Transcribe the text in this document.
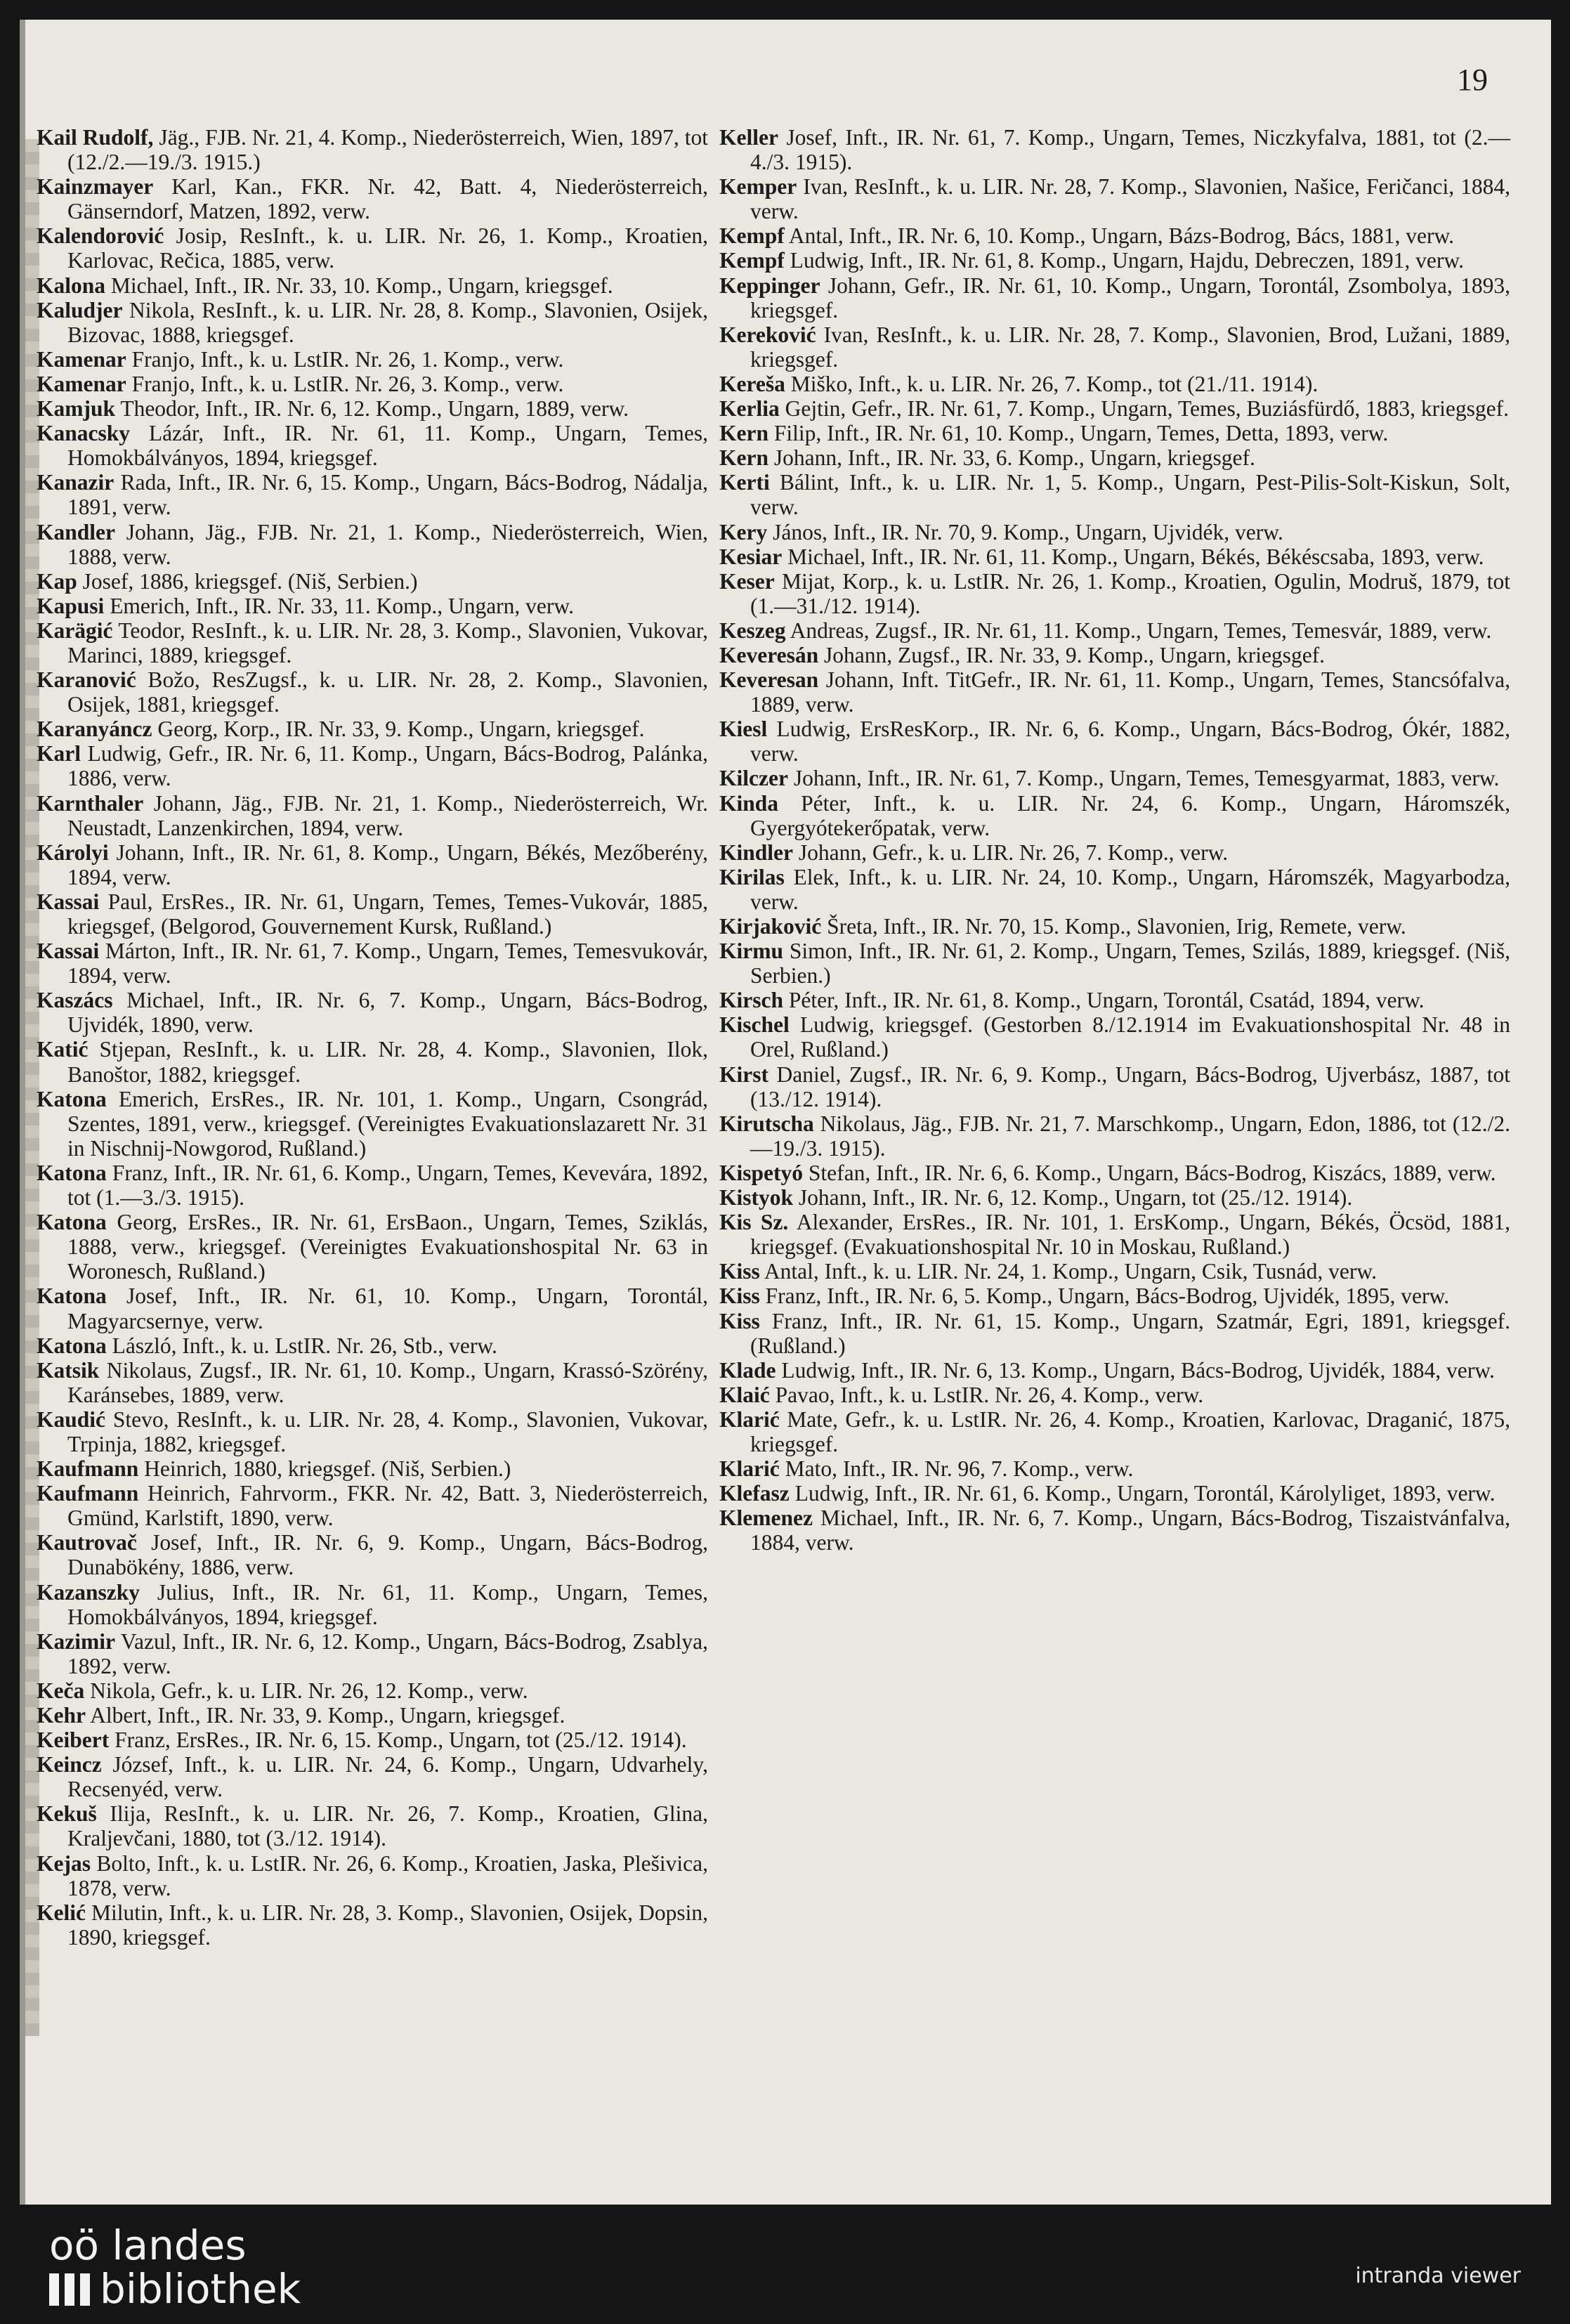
19

Kail Rudolf, Jäg., FJB. Nr. 21, 4. Komp., Niederösterreich, Wien, 1897, tot (12./2.—19./3. 1915.)

Kainzmayer Karl, Kan., FKR. Nr. 42, Batt. 4, Niederösterreich, Gänserndorf, Matzen, 1892, verw.

Kalendorović Josip, ResInft., k. u. LIR. Nr. 26, 1. Komp., Kroatien, Karlovac, Rečica, 1885, verw.

Kalona Michael, Inft., IR. Nr. 33, 10. Komp., Ungarn, kriegsgef.

Kaludjer Nikola, ResInft., k. u. LIR. Nr. 28, 8. Komp., Slavonien, Osijek, Bizovac, 1888, kriegsgef.

Kamenar Franjo, Inft., k. u. LstIR. Nr. 26, 1. Komp., verw.

Kamenar Franjo, Inft., k. u. LstIR. Nr. 26, 3. Komp., verw.

Kamjuk Theodor, Inft., IR. Nr. 6, 12. Komp., Ungarn, 1889, verw.

Kanacsky Lázár, Inft., IR. Nr. 61, 11. Komp., Ungarn, Temes, Homokbálványos, 1894, kriegsgef.

Kanazir Rada, Inft., IR. Nr. 6, 15. Komp., Ungarn, Bács-Bodrog, Nádalja, 1891, verw.

Kandler Johann, Jäg., FJB. Nr. 21, 1. Komp., Niederösterreich, Wien, 1888, verw.

Kap Josef, 1886, kriegsgef. (Niš, Serbien.)

Kapusi Emerich, Inft., IR. Nr. 33, 11. Komp., Ungarn, verw.

Karägić Teodor, ResInft., k. u. LIR. Nr. 28, 3. Komp., Slavonien, Vukovar, Marinci, 1889, kriegsgef.

Karanović Božo, ResZugsf., k. u. LIR. Nr. 28, 2. Komp., Slavonien, Osijek, 1881, kriegsgef.

Karanyáncz Georg, Korp., IR. Nr. 33, 9. Komp., Ungarn, kriegsgef.

Karl Ludwig, Gefr., IR. Nr. 6, 11. Komp., Ungarn, Bács-Bodrog, Palánka, 1886, verw.

Karnthaler Johann, Jäg., FJB. Nr. 21, 1. Komp., Niederösterreich, Wr. Neustadt, Lanzenkirchen, 1894, verw.

Károlyi Johann, Inft., IR. Nr. 61, 8. Komp., Ungarn, Békés, Mezőberény, 1894, verw.

Kassai Paul, ErsRes., IR. Nr. 61, Ungarn, Temes, Temes-Vukovár, 1885, kriegsgef, (Belgorod, Gouvernement Kursk, Rußland.)

Kassai Márton, Inft., IR. Nr. 61, 7. Komp., Ungarn, Temes, Temesvukovár, 1894, verw.

Kaszács Michael, Inft., IR. Nr. 6, 7. Komp., Ungarn, Bács-Bodrog, Ujvidék, 1890, verw.

Katić Stjepan, ResInft., k. u. LIR. Nr. 28, 4. Komp., Slavonien, Ilok, Banoštor, 1882, kriegsgef.

Katona Emerich, ErsRes., IR. Nr. 101, 1. Komp., Ungarn, Csongrád, Szentes, 1891, verw., kriegsgef. (Vereinigtes Evakuationslazarett Nr. 31 in Nischnij-Nowgorod, Rußland.)

Katona Franz, Inft., IR. Nr. 61, 6. Komp., Ungarn, Temes, Kevevára, 1892, tot (1.—3./3. 1915).

Katona Georg, ErsRes., IR. Nr. 61, ErsBaon., Ungarn, Temes, Sziklás, 1888, verw., kriegsgef. (Vereinigtes Evakuationshospital Nr. 63 in Woronesch, Rußland.)

Katona Josef, Inft., IR. Nr. 61, 10. Komp., Ungarn, Torontál, Magyarcsernye, verw.

Katona László, Inft., k. u. LstIR. Nr. 26, Stb., verw.

Katsik Nikolaus, Zugsf., IR. Nr. 61, 10. Komp., Ungarn, Krassó-Szörény, Karánsebes, 1889, verw.

Kaudić Stevo, ResInft., k. u. LIR. Nr. 28, 4. Komp., Slavonien, Vukovar, Trpinja, 1882, kriegsgef.

Kaufmann Heinrich, 1880, kriegsgef. (Niš, Serbien.)

Kaufmann Heinrich, Fahrvorm., FKR. Nr. 42, Batt. 3, Niederösterreich, Gmünd, Karlstift, 1890, verw.

Kautrovač Josef, Inft., IR. Nr. 6, 9. Komp., Ungarn, Bács-Bodrog, Dunabökény, 1886, verw.

Kazanszky Julius, Inft., IR. Nr. 61, 11. Komp., Ungarn, Temes, Homokbálványos, 1894, kriegsgef.

Kazimir Vazul, Inft., IR. Nr. 6, 12. Komp., Ungarn, Bács-Bodrog, Zsablya, 1892, verw.

Keča Nikola, Gefr., k. u. LIR. Nr. 26, 12. Komp., verw.

Kehr Albert, Inft., IR. Nr. 33, 9. Komp., Ungarn, kriegsgef.

Keibert Franz, ErsRes., IR. Nr. 6, 15. Komp., Ungarn, tot (25./12. 1914).

Keincz József, Inft., k. u. LIR. Nr. 24, 6. Komp., Ungarn, Udvarhely, Recsenyéd, verw.

Kekuš Ilija, ResInft., k. u. LIR. Nr. 26, 7. Komp., Kroatien, Glina, Kraljevčani, 1880, tot (3./12. 1914).

Kejas Bolto, Inft., k. u. LstIR. Nr. 26, 6. Komp., Kroatien, Jaska, Plešivica, 1878, verw.

Kelić Milutin, Inft., k. u. LIR. Nr. 28, 3. Komp., Slavonien, Osijek, Dopsin, 1890, kriegsgef.

Keller Josef, Inft., IR. Nr. 61, 7. Komp., Ungarn, Temes, Niczkyfalva, 1881, tot (2.—4./3. 1915).

Kemper Ivan, ResInft., k. u. LIR. Nr. 28, 7. Komp., Slavonien, Našice, Feričanci, 1884, verw.

Kempf Antal, Inft., IR. Nr. 6, 10. Komp., Ungarn, Bázs-Bodrog, Bács, 1881, verw.

Kempf Ludwig, Inft., IR. Nr. 61, 8. Komp., Ungarn, Hajdu, Debreczen, 1891, verw.

Keppinger Johann, Gefr., IR. Nr. 61, 10. Komp., Ungarn, Torontál, Zsombolya, 1893, kriegsgef.

Kereković Ivan, ResInft., k. u. LIR. Nr. 28, 7. Komp., Slavonien, Brod, Lužani, 1889, kriegsgef.

Kereša Miško, Inft., k. u. LIR. Nr. 26, 7. Komp., tot (21./11. 1914).

Kerlia Gejtin, Gefr., IR. Nr. 61, 7. Komp., Ungarn, Temes, Buziásfürdő, 1883, kriegsgef.

Kern Filip, Inft., IR. Nr. 61, 10. Komp., Ungarn, Temes, Detta, 1893, verw.

Kern Johann, Inft., IR. Nr. 33, 6. Komp., Ungarn, kriegsgef.

Kerti Bálint, Inft., k. u. LIR. Nr. 1, 5. Komp., Ungarn, Pest-Pilis-Solt-Kiskun, Solt, verw.

Kery János, Inft., IR. Nr. 70, 9. Komp., Ungarn, Ujvidék, verw.

Kesiar Michael, Inft., IR. Nr. 61, 11. Komp., Ungarn, Békés, Békéscsaba, 1893, verw.

Keser Mijat, Korp., k. u. LstIR. Nr. 26, 1. Komp., Kroatien, Ogulin, Modruš, 1879, tot (1.—31./12. 1914).

Keszeg Andreas, Zugsf., IR. Nr. 61, 11. Komp., Ungarn, Temes, Temesvár, 1889, verw.

Keveresán Johann, Zugsf., IR. Nr. 33, 9. Komp., Ungarn, kriegsgef.

Keveresan Johann, Inft. TitGefr., IR. Nr. 61, 11. Komp., Ungarn, Temes, Stancsófalva, 1889, verw.

Kiesl Ludwig, ErsResKorp., IR. Nr. 6, 6. Komp., Ungarn, Bács-Bodrog, Ókér, 1882, verw.

Kilczer Johann, Inft., IR. Nr. 61, 7. Komp., Ungarn, Temes, Temesgyarmat, 1883, verw.

Kinda Péter, Inft., k. u. LIR. Nr. 24, 6. Komp., Ungarn, Háromszék, Gyergyótekerőpatak, verw.

Kindler Johann, Gefr., k. u. LIR. Nr. 26, 7. Komp., verw.

Kirilas Elek, Inft., k. u. LIR. Nr. 24, 10. Komp., Ungarn, Háromszék, Magyarbodza, verw.

Kirjaković Šreta, Inft., IR. Nr. 70, 15. Komp., Slavonien, Irig, Remete, verw.

Kirmu Simon, Inft., IR. Nr. 61, 2. Komp., Ungarn, Temes, Szilás, 1889, kriegsgef. (Niš, Serbien.)

Kirsch Péter, Inft., IR. Nr. 61, 8. Komp., Ungarn, Torontál, Csatád, 1894, verw.

Kischel Ludwig, kriegsgef. (Gestorben 8./12.1914 im Evakuationshospital Nr. 48 in Orel, Rußland.)

Kirst Daniel, Zugsf., IR. Nr. 6, 9. Komp., Ungarn, Bács-Bodrog, Ujverbász, 1887, tot (13./12. 1914).

Kirutscha Nikolaus, Jäg., FJB. Nr. 21, 7. Marschkomp., Ungarn, Edon, 1886, tot (12./2.—19./3. 1915).

Kispetyó Stefan, Inft., IR. Nr. 6, 6. Komp., Ungarn, Bács-Bodrog, Kiszács, 1889, verw.

Kistyok Johann, Inft., IR. Nr. 6, 12. Komp., Ungarn, tot (25./12. 1914).

Kis Sz. Alexander, ErsRes., IR. Nr. 101, 1. ErsKomp., Ungarn, Békés, Öcsöd, 1881, kriegsgef. (Evakuationshospital Nr. 10 in Moskau, Rußland.)

Kiss Antal, Inft., k. u. LIR. Nr. 24, 1. Komp., Ungarn, Csik, Tusnád, verw.

Kiss Franz, Inft., IR. Nr. 6, 5. Komp., Ungarn, Bács-Bodrog, Ujvidék, 1895, verw.

Kiss Franz, Inft., IR. Nr. 61, 15. Komp., Ungarn, Szatmár, Egri, 1891, kriegsgef. (Rußland.)

Klade Ludwig, Inft., IR. Nr. 6, 13. Komp., Ungarn, Bács-Bodrog, Ujvidék, 1884, verw.

Klaić Pavao, Inft., k. u. LstIR. Nr. 26, 4. Komp., verw.

Klarić Mate, Gefr., k. u. LstIR. Nr. 26, 4. Komp., Kroatien, Karlovac, Draganić, 1875, kriegsgef.

Klarić Mato, Inft., IR. Nr. 96, 7. Komp., verw.

Klefasz Ludwig, Inft., IR. Nr. 61, 6. Komp., Ungarn, Torontál, Károlyliget, 1893, verw.

Klemenez Michael, Inft., IR. Nr. 6, 7. Komp., Ungarn, Bács-Bodrog, Tiszaistvánfalva, 1884, verw.

oö landes
bibliothek	intranda viewer
